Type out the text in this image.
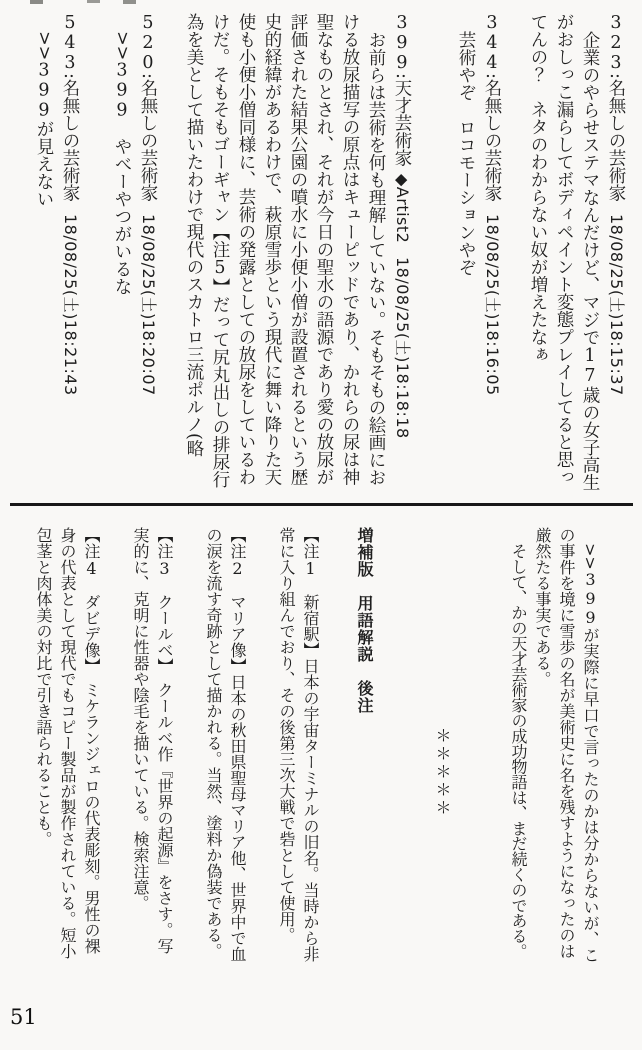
323:名無しの芸術家18/08/25(土)18:15:37

企業のやらせステマなんだけど、マジで17歳の女子高生がおしっこ漏らしてボディペイント変態プレイしてると思ってんの？　ネタのわからない奴が増えたなぁ

344:名無しの芸術家18/08/25(土)18:16:05

芸術やぞ　ロコモーションやぞ

399:天才芸術家◆Artist218/08/25(土)18:18:18

お前らは芸術を何も理解していない。そもそもの絵画における放尿描写の原点はキューピッドであり、かれらの尿は神聖なものとされ、それが今日の聖水の語源であり愛の放尿が評価された結果公園の噴水に小便小僧が設置されるという歴史的経緯があるわけで、萩原雪歩という現代に舞い降りた天使も小便小僧同様に、芸術の発露としての放尿をしているわけだ。そもそもゴーギャン【注5】だって尻丸出しの排尿行為を美として描いたわけで現代のスカトロ三流ポルノ(略

520:名無しの芸術家18/08/25(土)18:20:07

>>399　やべーやつがいるな

543:名無しの芸術家18/08/25(土)18:21:43

>>399が見えない

>>399が実際に早口で言ったのかは分からないが、この事件を境に雪歩の名が美術史に名を残すようになったのは厳然たる事実である。

そして、かの天才芸術家の成功物語は、まだ続くのである。

＊＊＊＊＊

増補版　用語解説　後注

【注1　新宿駅】日本の宇宙ターミナルの旧名。当時から非常に入り組んでおり、その後第三次大戦で砦として使用。

【注2　マリア像】日本の秋田県聖母マリア他、世界中で血の涙を流す奇跡として描かれる。当然、塗料か偽装である。

【注3　クールベ】　クールベ作『世界の起源』をさす。写実的に、克明に性器や陰毛を描いている。検索注意。

【注4　ダビデ像】　ミケランジェロの代表彫刻。男性の裸身の代表として現代でもコピー製品が製作されている。短小包茎と肉体美の対比で引き語られることも。

51
